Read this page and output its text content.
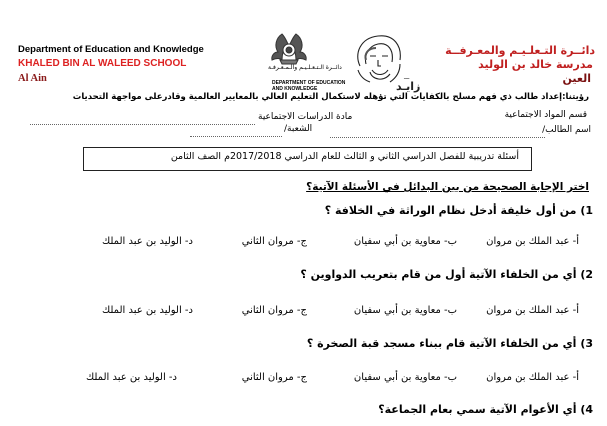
Department of Education and Knowledge
KHALED BIN AL WALEED SCHOOL
Al Ain
دائــرة الـتـعـلـيـم والـمـعـرفـة
DEPARTMENT OF EDUCATION
AND KNOWLEDGE	زايـد
ـــ
دائــرة التـعلـيـم والمعـرفــة
مدرسة خالد بن الوليد
العين
رؤيتنا:إعداد طالب ذي فهم مسلح بالكفايات التي تؤهله لاستكمال التعليم العالي بالمعايير العالمية وقادرعلى مواجهة التحديات
قسم المواد الاجتماعية
مادة الدراسات الاجتماعية
اسم الطالب/
الشعبة/
أسئلة تدريبية للفصل الدراسي الثاني و الثالث للعام الدراسي 2017/2018م الصف الثامن
اختر الإجابة الصحيحة من بين البدائل في الأسئلة الآتية؟
1) من أول خليفة أدخل نظام الوراثة في الخلافة ؟
أ- عبد الملك بن مروان
ب- معاوية بن أبي سفيان
ج- مروان الثاني
د- الوليد بن عبد الملك
2) أي من الخلفاء الآتية أول من قام بتعريب الدواوين ؟
أ- عبد الملك بن مروان
ب- معاوية بن أبي سفيان
ج- مروان الثاني
د- الوليد بن عبد الملك
3) أي من الخلفاء الآتية قام ببناء مسجد قبة الصخرة ؟
أ- عبد الملك بن مروان
ب- معاوية بن أبي سفيان
ج- مروان الثاني
د- الوليد بن عبد الملك
4) أي الأعوام الآتية سمي بعام الجماعة؟
